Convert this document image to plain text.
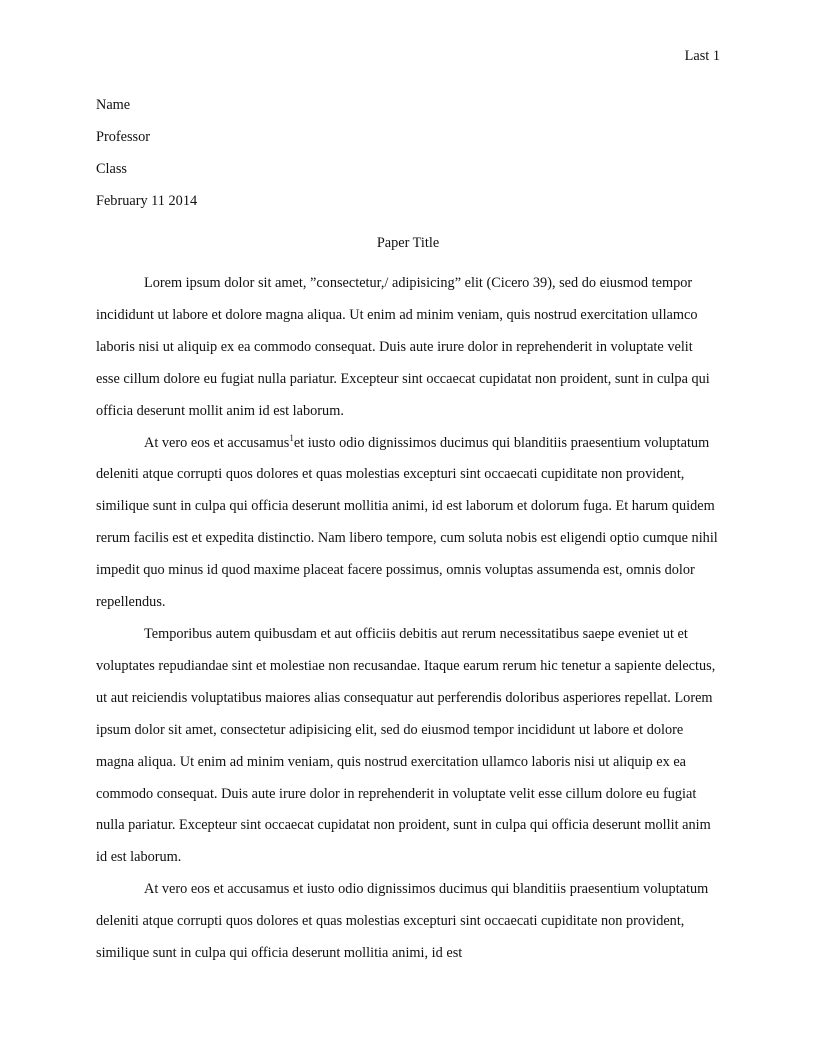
Last 1
Name
Professor
Class
February 11 2014
Paper Title

Lorem ipsum dolor sit amet, ”consectetur,/ adipisicing” elit (Cicero 39), sed do eiusmod tempor incididunt ut labore et dolore magna aliqua. Ut enim ad minim veniam, quis nostrud exercitation ullamco laboris nisi ut aliquip ex ea commodo consequat. Duis aute irure dolor in reprehenderit in voluptate velit esse cillum dolore eu fugiat nulla pariatur. Excepteur sint occaecat cupidatat non proident, sunt in culpa qui officia deserunt mollit anim id est laborum.

At vero eos et accusamus$^1$et iusto odio dignissimos ducimus qui blanditiis praesentium voluptatum deleniti atque corrupti quos dolores et quas molestias excepturi sint occaecati cupiditate non provident, similique sunt in culpa qui officia deserunt mollitia animi, id est laborum et dolorum fuga. Et harum quidem rerum facilis est et expedita distinctio. Nam libero tempore, cum soluta nobis est eligendi optio cumque nihil impedit quo minus id quod maxime placeat facere possimus, omnis voluptas assumenda est, omnis dolor repellendus.

Temporibus autem quibusdam et aut officiis debitis aut rerum necessitatibus saepe eveniet ut et voluptates repudiandae sint et molestiae non recusandae. Itaque earum rerum hic tenetur a sapiente delectus, ut aut reiciendis voluptatibus maiores alias consequatur aut perferendis doloribus asperiores repellat. Lorem ipsum dolor sit amet, consectetur adipisicing elit, sed do eiusmod tempor incididunt ut labore et dolore magna aliqua. Ut enim ad minim veniam, quis nostrud exercitation ullamco laboris nisi ut aliquip ex ea commodo consequat. Duis aute irure dolor in reprehenderit in voluptate velit esse cillum dolore eu fugiat nulla pariatur. Excepteur sint occaecat cupidatat non proident, sunt in culpa qui officia deserunt mollit anim id est laborum.

At vero eos et accusamus et iusto odio dignissimos ducimus qui blanditiis praesentium voluptatum deleniti atque corrupti quos dolores et quas molestias excepturi sint occaecati cupiditate non provident, similique sunt in culpa qui officia deserunt mollitia animi, id est
